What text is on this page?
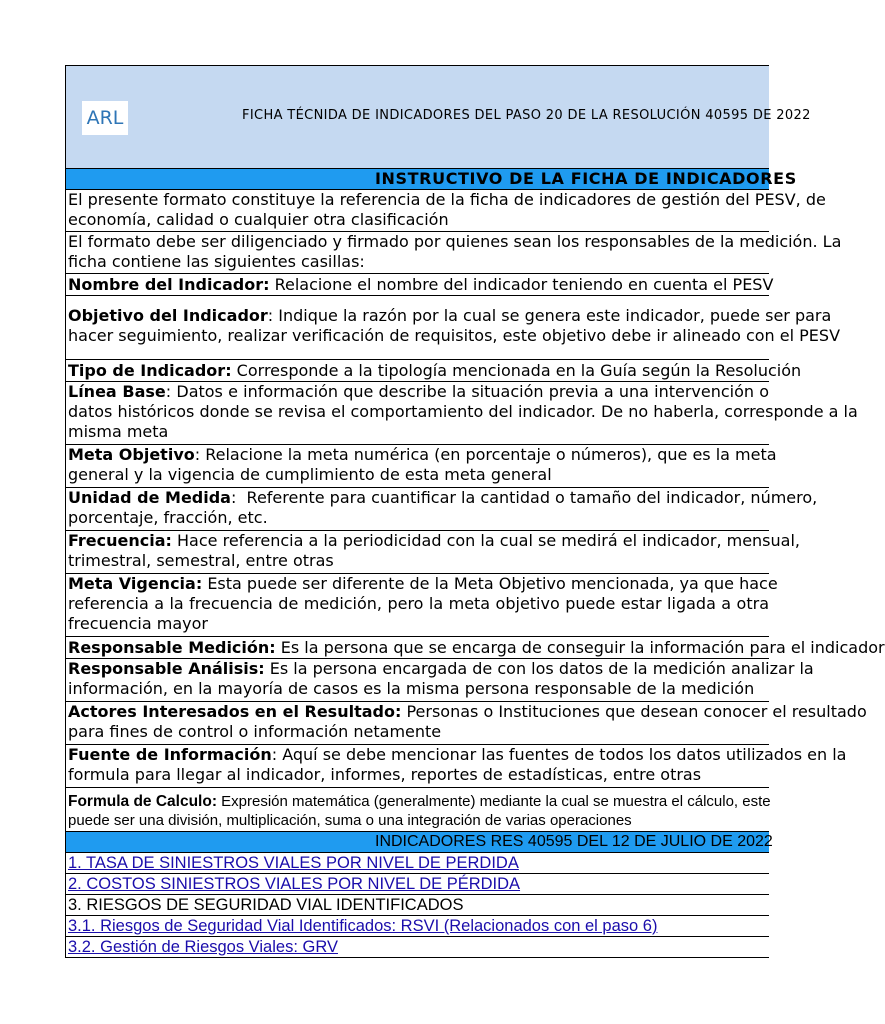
ARL	FICHA TÉCNIDA DE INDICADORES DEL PASO 20 DE LA RESOLUCIÓN 40595 DE 2022
INSTRUCTIVO DE LA FICHA DE INDICADORES
El presente formato constituye la referencia de la ficha de indicadores de gestión del PESV, de
economía, calidad o cualquier otra clasificación
El formato debe ser diligenciado y firmado por quienes sean los responsables de la medición. La
ficha contiene las siguientes casillas:
Nombre del Indicador: Relacione el nombre del indicador teniendo en cuenta el PESV
Objetivo del Indicador: Indique la razón por la cual se genera este indicador, puede ser para
hacer seguimiento, realizar verificación de requisitos, este objetivo debe ir alineado con el PESV
Tipo de Indicador: Corresponde a la tipología mencionada en la Guía según la Resolución
Línea Base: Datos e información que describe la situación previa a una intervención o
datos históricos donde se revisa el comportamiento del indicador. De no haberla, corresponde a la
misma meta
Meta Objetivo: Relacione la meta numérica (en porcentaje o números), que es la meta
general y la vigencia de cumplimiento de esta meta general
Unidad de Medida:  Referente para cuantificar la cantidad o tamaño del indicador, número,
porcentaje, fracción, etc.
Frecuencia: Hace referencia a la periodicidad con la cual se medirá el indicador, mensual,
trimestral, semestral, entre otras
Meta Vigencia: Esta puede ser diferente de la Meta Objetivo mencionada, ya que hace
referencia a la frecuencia de medición, pero la meta objetivo puede estar ligada a otra
frecuencia mayor
Responsable Medición: Es la persona que se encarga de conseguir la información para el indicador
Responsable Análisis: Es la persona encargada de con los datos de la medición analizar la
información, en la mayoría de casos es la misma persona responsable de la medición
Actores Interesados en el Resultado: Personas o Instituciones que desean conocer el resultado
para fines de control o información netamente
Fuente de Información: Aquí se debe mencionar las fuentes de todos los datos utilizados en la
formula para llegar al indicador, informes, reportes de estadísticas, entre otras
Formula de Calculo: Expresión matemática (generalmente) mediante la cual se muestra el cálculo, este
puede ser una división, multiplicación, suma o una integración de varias operaciones
INDICADORES RES 40595 DEL 12 DE JULIO DE 2022
1. TASA DE SINIESTROS VIALES POR NIVEL DE PERDIDA
2. COSTOS SINIESTROS VIALES POR NIVEL DE PÉRDIDA
3. RIESGOS DE SEGURIDAD VIAL IDENTIFICADOS
3.1. Riesgos de Seguridad Vial Identificados: RSVI (Relacionados con el paso 6)
3.2. Gestión de Riesgos Viales: GRV
